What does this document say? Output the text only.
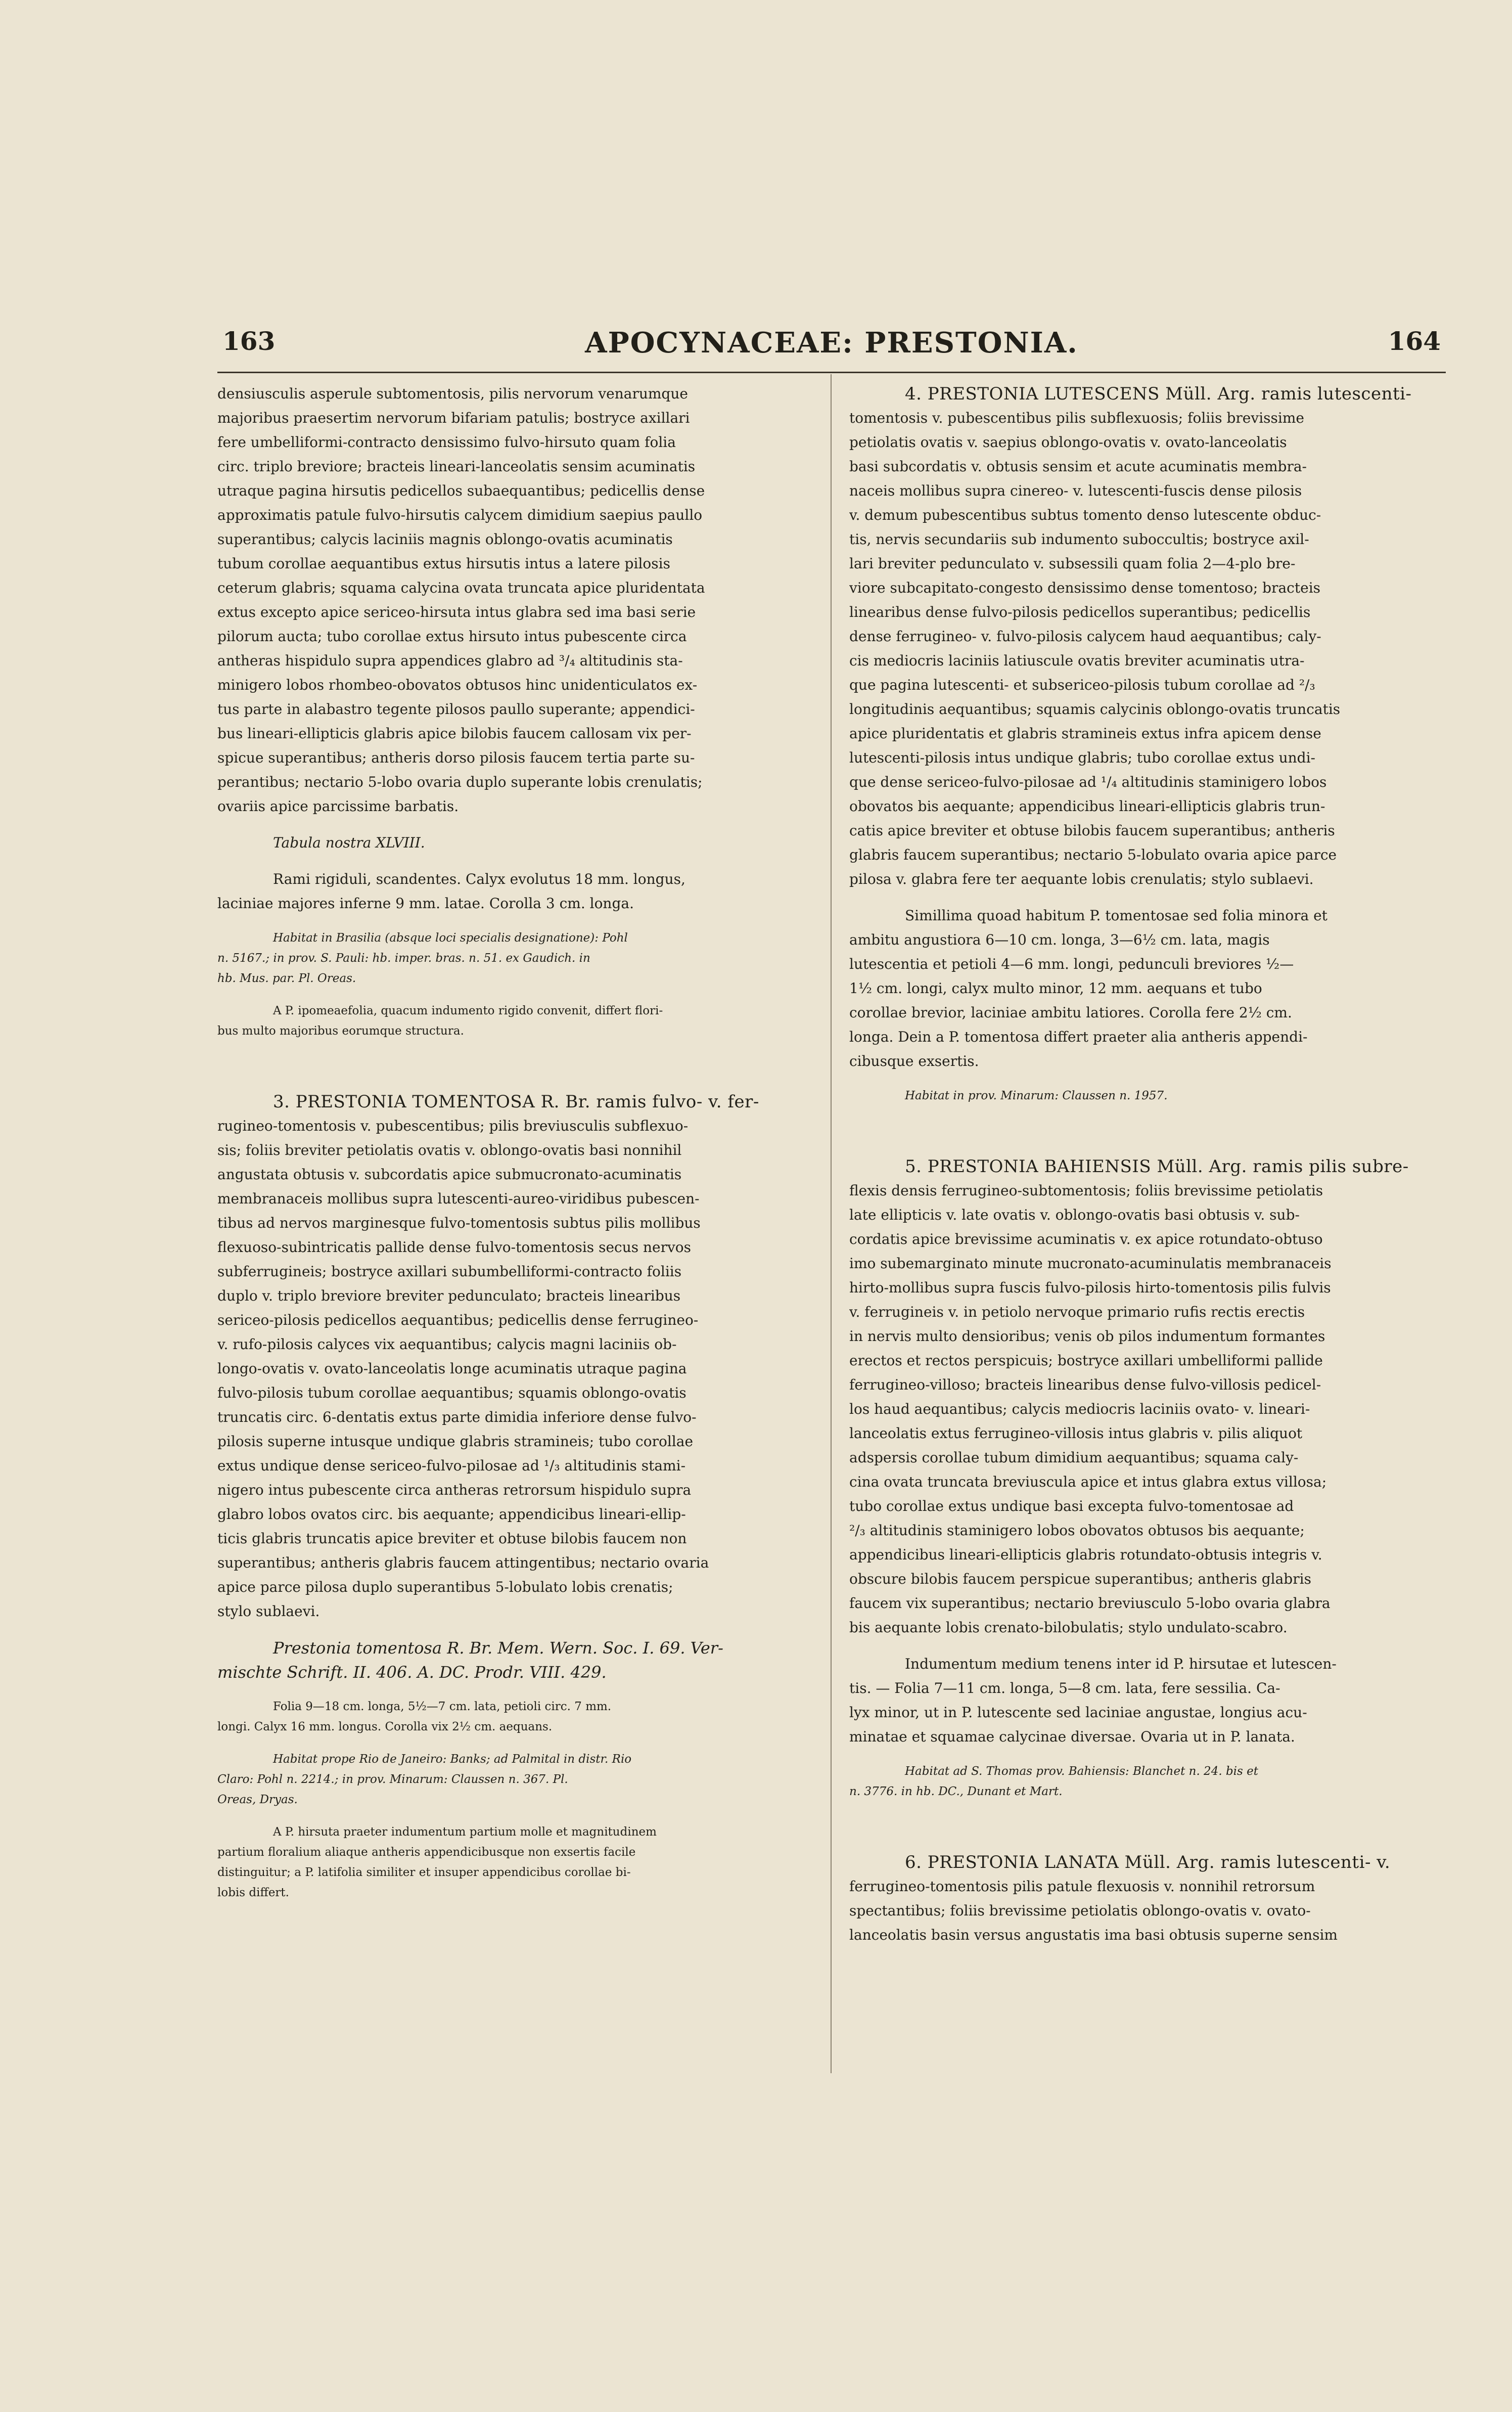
163	APOCYNACEAE: PRESTONIA.	164

densiusculis asperule subtomentosis, pilis nervorum venarumque
majoribus praesertim nervorum bifariam patulis; bostryce axillari
fere umbelliformi-contracto densissimo fulvo-hirsuto quam folia
circ. triplo breviore; bracteis lineari-lanceolatis sensim acuminatis
utraque pagina hirsutis pedicellos subaequantibus; pedicellis dense
approximatis patule fulvo-hirsutis calycem dimidium saepius paullo
superantibus; calycis laciniis magnis oblongo-ovatis acuminatis
tubum corollae aequantibus extus hirsutis intus a latere pilosis
ceterum glabris; squama calycina ovata truncata apice pluridentata
extus excepto apice sericeo-hirsuta intus glabra sed ima basi serie
pilorum aucta; tubo corollae extus hirsuto intus pubescente circa
antheras hispidulo supra appendices glabro ad ³/₄ altitudinis sta-
minigero lobos rhombeo-obovatos obtusos hinc unidenticulatos ex-
tus parte in alabastro tegente pilosos paullo superante; appendici-
bus lineari-ellipticis glabris apice bilobis faucem callosam vix per-
spicue superantibus; antheris dorso pilosis faucem tertia parte su-
perantibus; nectario 5-lobo ovaria duplo superante lobis crenulatis;
ovariis apice parcissime barbatis.

Tabula nostra XLVIII.

Rami rigiduli, scandentes. Calyx evolutus 18 mm. longus,
laciniae majores inferne 9 mm. latae. Corolla 3 cm. longa.

Habitat in Brasilia (absque loci specialis designatione): Pohl
n. 5167.; in prov. S. Pauli: hb. imper. bras. n. 51. ex Gaudich. in
hb. Mus. par. Pl. Oreas.

A P. ipomeaefolia, quacum indumento rigido convenit, differt flori-
bus multo majoribus eorumque structura.

3. PRESTONIA TOMENTOSA R. Br. ramis fulvo- v. fer-

rugineo-tomentosis v. pubescentibus; pilis breviusculis subflexuo-
sis; foliis breviter petiolatis ovatis v. oblongo-ovatis basi nonnihil
angustata obtusis v. subcordatis apice submucronato-acuminatis
membranaceis mollibus supra lutescenti-aureo-viridibus pubescen-
tibus ad nervos marginesque fulvo-tomentosis subtus pilis mollibus
flexuoso-subintricatis pallide dense fulvo-tomentosis secus nervos
subferrugineis; bostryce axillari subumbelliformi-contracto foliis
duplo v. triplo breviore breviter pedunculato; bracteis linearibus
sericeo-pilosis pedicellos aequantibus; pedicellis dense ferrugineo-
v. rufo-pilosis calyces vix aequantibus; calycis magni laciniis ob-
longo-ovatis v. ovato-lanceolatis longe acuminatis utraque pagina
fulvo-pilosis tubum corollae aequantibus; squamis oblongo-ovatis
truncatis circ. 6-dentatis extus parte dimidia inferiore dense fulvo-
pilosis superne intusque undique glabris stramineis; tubo corollae
extus undique dense sericeo-fulvo-pilosae ad ¹/₃ altitudinis stami-
nigero intus pubescente circa antheras retrorsum hispidulo supra
glabro lobos ovatos circ. bis aequante; appendicibus lineari-ellip-
ticis glabris truncatis apice breviter et obtuse bilobis faucem non
superantibus; antheris glabris faucem attingentibus; nectario ovaria
apice parce pilosa duplo superantibus 5-lobulato lobis crenatis;
stylo sublaevi.

Prestonia tomentosa R. Br. Mem. Wern. Soc. I. 69. Ver-
mischte Schrift. II. 406. A. DC. Prodr. VIII. 429.

Folia 9—18 cm. longa, 5½—7 cm. lata, petioli circ. 7 mm.
longi. Calyx 16 mm. longus. Corolla vix 2½ cm. aequans.

Habitat prope Rio de Janeiro: Banks; ad Palmital in distr. Rio
Claro: Pohl n. 2214.; in prov. Minarum: Claussen n. 367. Pl.
Oreas, Dryas.

A P. hirsuta praeter indumentum partium molle et magnitudinem
partium floralium aliaque antheris appendicibusque non exsertis facile
distinguitur; a P. latifolia similiter et insuper appendicibus corollae bi-
lobis differt.

4. PRESTONIA LUTESCENS Müll. Arg. ramis lutescenti-

tomentosis v. pubescentibus pilis subflexuosis; foliis brevissime
petiolatis ovatis v. saepius oblongo-ovatis v. ovato-lanceolatis
basi subcordatis v. obtusis sensim et acute acuminatis membra-
naceis mollibus supra cinereo- v. lutescenti-fuscis dense pilosis
v. demum pubescentibus subtus tomento denso lutescente obduc-
tis, nervis secundariis sub indumento suboccultis; bostryce axil-
lari breviter pedunculato v. subsessili quam folia 2—4-plo bre-
viore subcapitato-congesto densissimo dense tomentoso; bracteis
linearibus dense fulvo-pilosis pedicellos superantibus; pedicellis
dense ferrugineo- v. fulvo-pilosis calycem haud aequantibus; caly-
cis mediocris laciniis latiuscule ovatis breviter acuminatis utra-
que pagina lutescenti- et subsericeo-pilosis tubum corollae ad ²/₃
longitudinis aequantibus; squamis calycinis oblongo-ovatis truncatis
apice pluridentatis et glabris stramineis extus infra apicem dense
lutescenti-pilosis intus undique glabris; tubo corollae extus undi-
que dense sericeo-fulvo-pilosae ad ¹/₄ altitudinis staminigero lobos
obovatos bis aequante; appendicibus lineari-ellipticis glabris trun-
catis apice breviter et obtuse bilobis faucem superantibus; antheris
glabris faucem superantibus; nectario 5-lobulato ovaria apice parce
pilosa v. glabra fere ter aequante lobis crenulatis; stylo sublaevi.

Simillima quoad habitum P. tomentosae sed folia minora et
ambitu angustiora 6—10 cm. longa, 3—6½ cm. lata, magis
lutescentia et petioli 4—6 mm. longi, pedunculi breviores ½—
1½ cm. longi, calyx multo minor, 12 mm. aequans et tubo
corollae brevior, laciniae ambitu latiores. Corolla fere 2½ cm.
longa. Dein a P. tomentosa differt praeter alia antheris appendi-
cibusque exsertis.

Habitat in prov. Minarum: Claussen n. 1957.

5. PRESTONIA BAHIENSIS Müll. Arg. ramis pilis subre-

flexis densis ferrugineo-subtomentosis; foliis brevissime petiolatis
late ellipticis v. late ovatis v. oblongo-ovatis basi obtusis v. sub-
cordatis apice brevissime acuminatis v. ex apice rotundato-obtuso
imo subemarginato minute mucronato-acuminulatis membranaceis
hirto-mollibus supra fuscis fulvo-pilosis hirto-tomentosis pilis fulvis
v. ferrugineis v. in petiolo nervoque primario rufis rectis erectis
in nervis multo densioribus; venis ob pilos indumentum formantes
erectos et rectos perspicuis; bostryce axillari umbelliformi pallide
ferrugineo-villoso; bracteis linearibus dense fulvo-villosis pedicel-
los haud aequantibus; calycis mediocris laciniis ovato- v. lineari-
lanceolatis extus ferrugineo-villosis intus glabris v. pilis aliquot
adspersis corollae tubum dimidium aequantibus; squama caly-
cina ovata truncata breviuscula apice et intus glabra extus villosa;
tubo corollae extus undique basi excepta fulvo-tomentosae ad
²/₃ altitudinis staminigero lobos obovatos obtusos bis aequante;
appendicibus lineari-ellipticis glabris rotundato-obtusis integris v.
obscure bilobis faucem perspicue superantibus; antheris glabris
faucem vix superantibus; nectario breviusculo 5-lobo ovaria glabra
bis aequante lobis crenato-bilobulatis; stylo undulato-scabro.

Indumentum medium tenens inter id P. hirsutae et lutescen-
tis. — Folia 7—11 cm. longa, 5—8 cm. lata, fere sessilia. Ca-
lyx minor, ut in P. lutescente sed laciniae angustae, longius acu-
minatae et squamae calycinae diversae. Ovaria ut in P. lanata.

Habitat ad S. Thomas prov. Bahiensis: Blanchet n. 24. bis et
n. 3776. in hb. DC., Dunant et Mart.

6. PRESTONIA LANATA Müll. Arg. ramis lutescenti- v.

ferrugineo-tomentosis pilis patule flexuosis v. nonnihil retrorsum
spectantibus; foliis brevissime petiolatis oblongo-ovatis v. ovato-
lanceolatis basin versus angustatis ima basi obtusis superne sensim
